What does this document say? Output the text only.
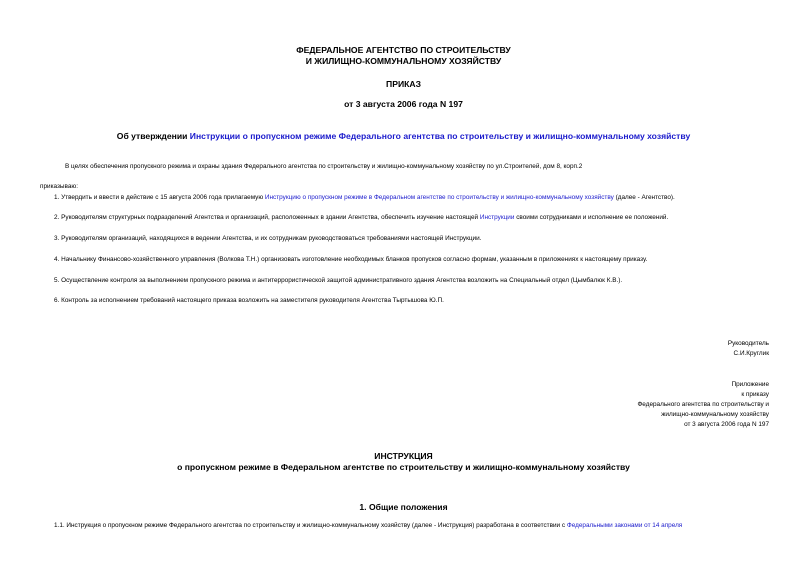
ФЕДЕРАЛЬНОЕ АГЕНТСТВО ПО СТРОИТЕЛЬСТВУ
И ЖИЛИЩНО-КОММУНАЛЬНОМУ ХОЗЯЙСТВУ
ПРИКАЗ
от 3 августа 2006 года N 197
Об утверждении Инструкции о пропускном режиме Федерального агентства по строительству и жилищно-коммунальному хозяйству
В целях обеспечения пропускного режима и охраны здания Федерального агентства по строительству и жилищно-коммунальному хозяйству по ул.Строителей, дом 8, корп.2
приказываю:
1. Утвердить и ввести в действие с 15 августа 2006 года прилагаемую Инструкцию о пропускном режиме в Федеральном агентстве по строительству и жилищно-коммунальному хозяйству (далее - Агентство).
2. Руководителям структурных подразделений Агентства и организаций, расположенных в здании Агентства, обеспечить изучение настоящей Инструкции своими сотрудниками и исполнение ее положений.
3. Руководителям организаций, находящихся в ведении Агентства, и их сотрудникам руководствоваться требованиями настоящей Инструкции.
4. Начальнику Финансово-хозяйственного управления (Волкова Т.Н.) организовать изготовление необходимых бланков пропусков согласно формам, указанным в приложениях к настоящему приказу.
5. Осуществление контроля за выполнением пропускного режима и антитеррористической защитой административного здания Агентства возложить на Специальный отдел (Цымбалюк К.В.).
6. Контроль за исполнением требований настоящего приказа возложить на заместителя руководителя Агентства Тыртышова Ю.П.
Руководитель
С.И.Круглик
Приложение
к приказу
Федерального агентства по строительству и
жилищно-коммунальному хозяйству
от 3 августа 2006 года N 197
ИНСТРУКЦИЯ
о пропускном режиме в Федеральном агентстве по строительству и жилищно-коммунальному хозяйству
1. Общие положения
1.1. Инструкция о пропускном режиме Федерального агентства по строительству и жилищно-коммунальному хозяйству (далее - Инструкция) разработана в соответствии с Федеральными законами от 14 апреля
